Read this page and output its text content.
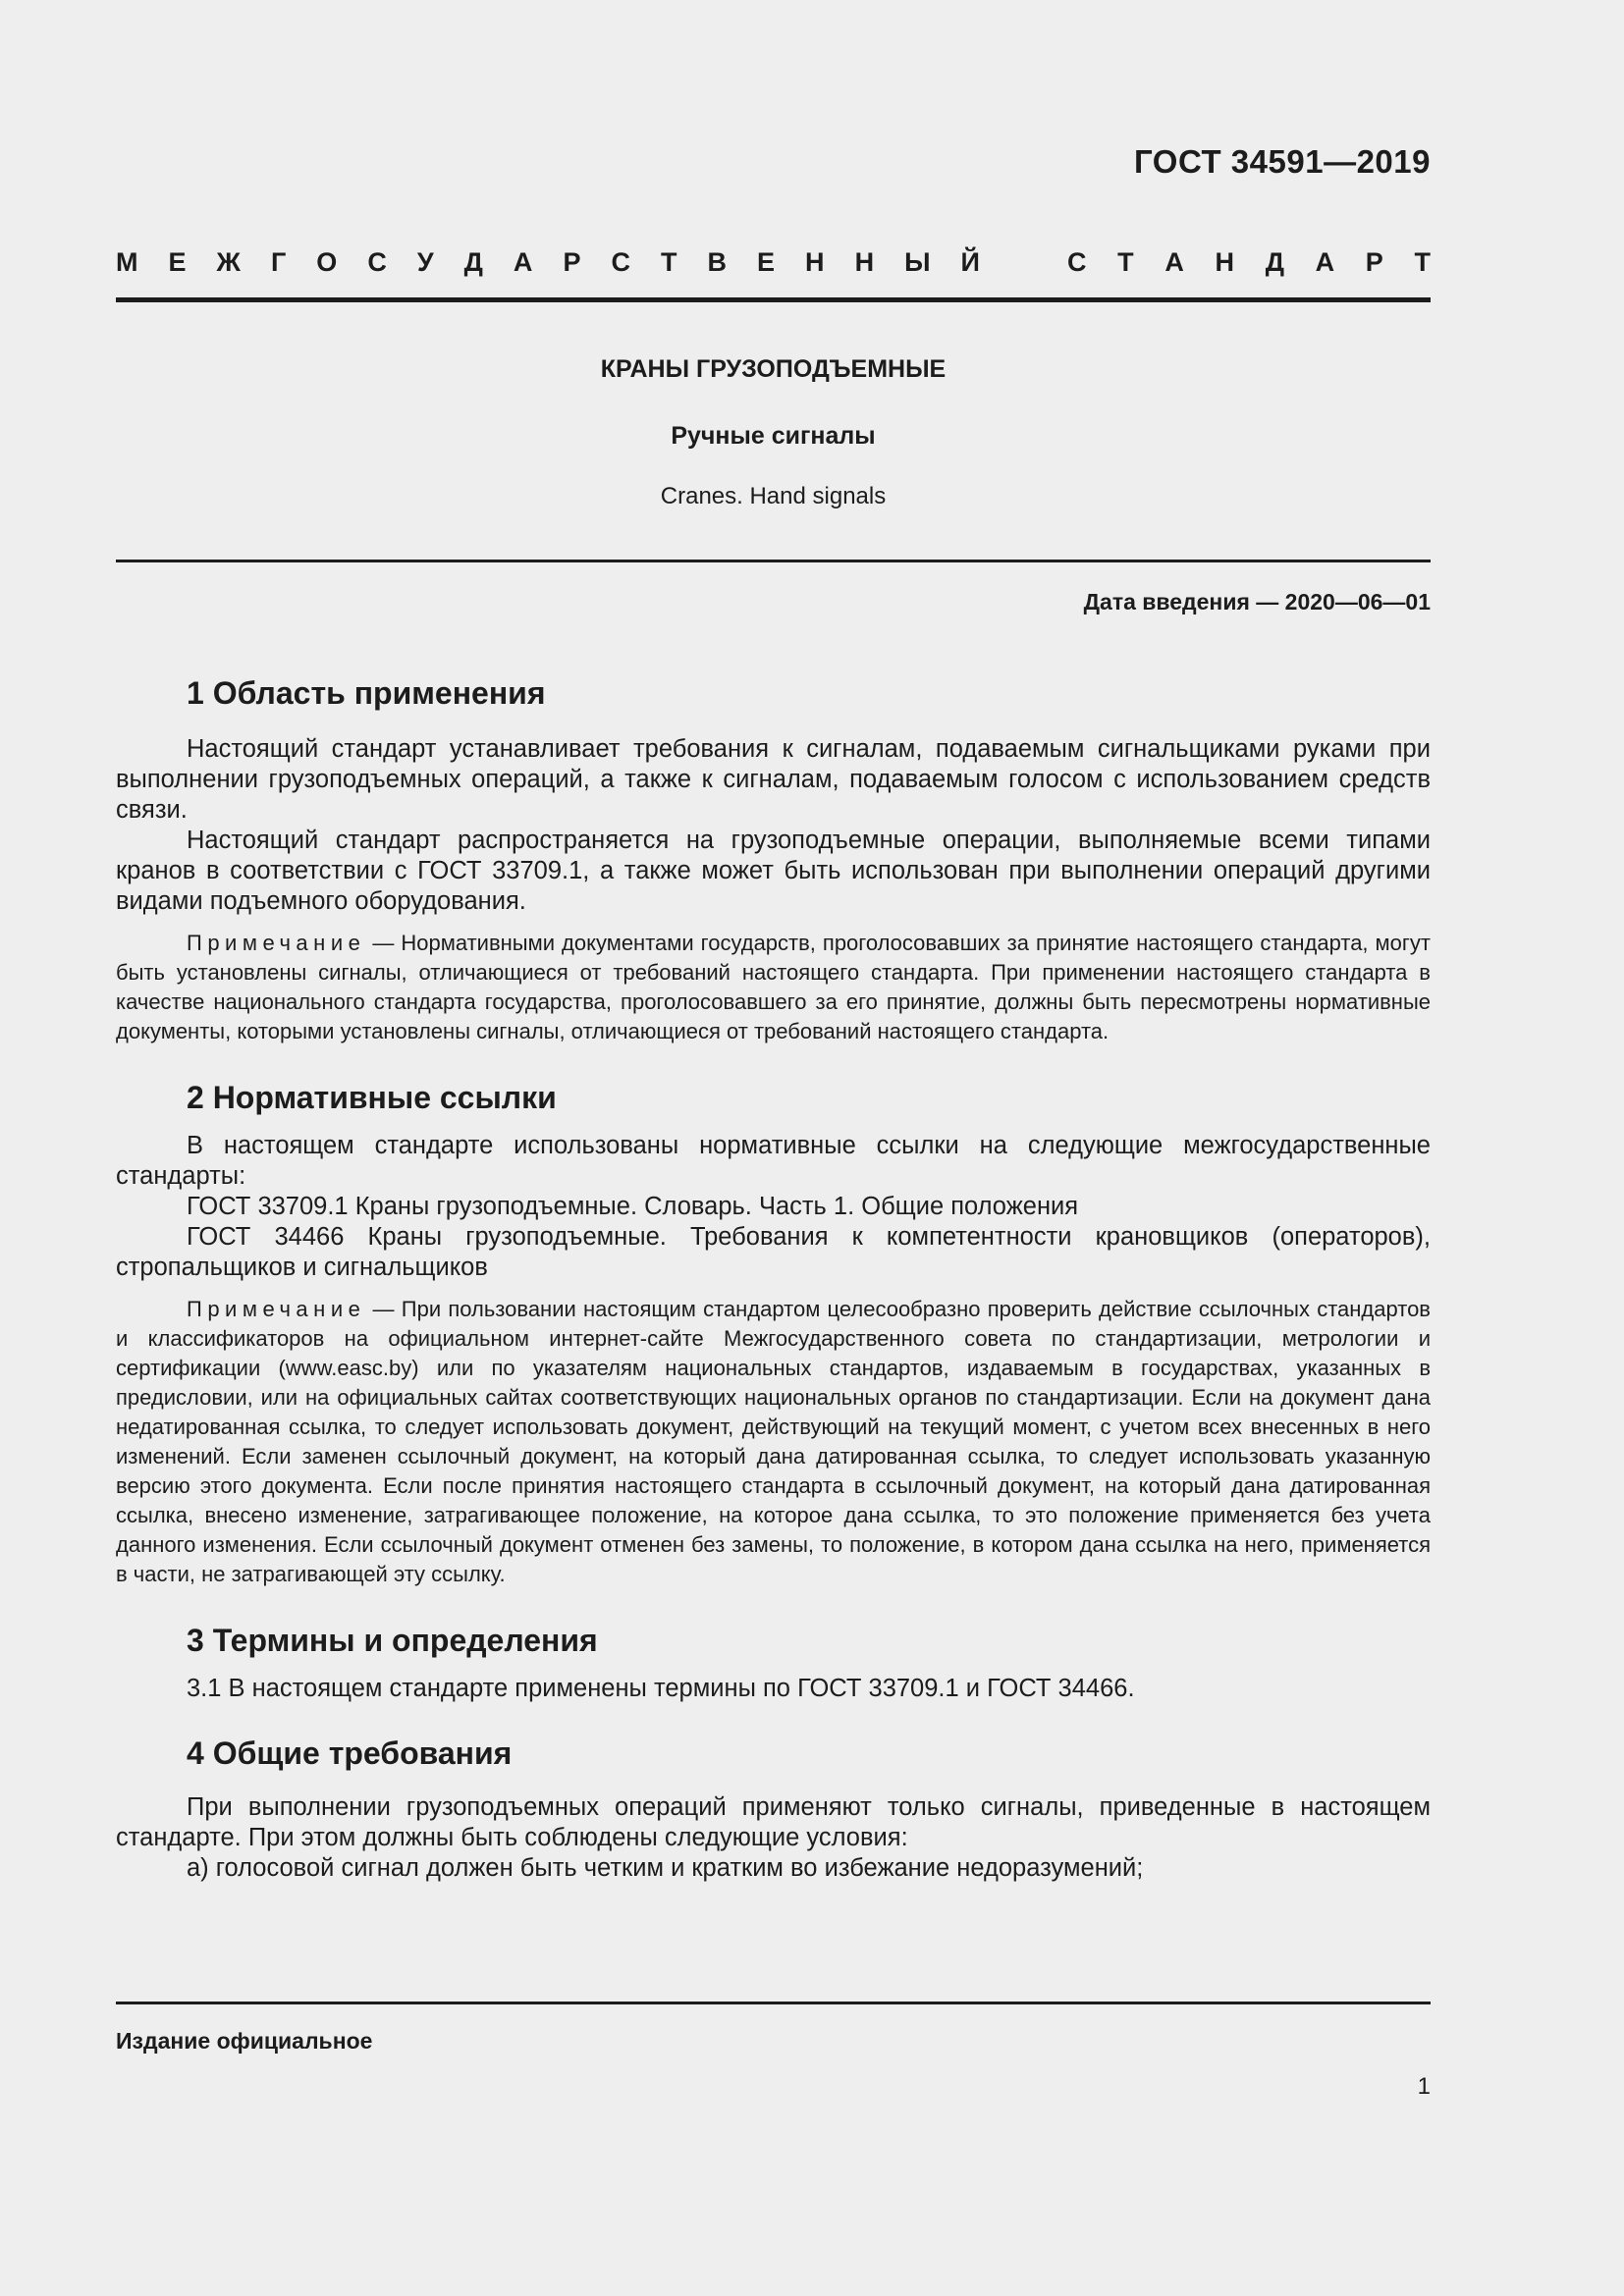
ГОСТ 34591—2019
М Е Ж Г О С У Д А Р С Т В Е Н Н Ы Й	С Т А Н Д А Р Т
КРАНЫ ГРУЗОПОДЪЕМНЫЕ
Ручные сигналы
Cranes. Hand signals
Дата введения — 2020—06—01
1 Область применения

Настоящий стандарт устанавливает требования к сигналам, подаваемым сигнальщиками руками при выполнении грузоподъемных операций, а также к сигналам, подаваемым голосом с использованием средств связи.

Настоящий стандарт распространяется на грузоподъемные операции, выполняемые всеми типами кранов в соответствии с ГОСТ 33709.1, а также может быть использован при выполнении операций другими видами подъемного оборудования.

Примечание — Нормативными документами государств, проголосовавших за принятие настоящего стандарта, могут быть установлены сигналы, отличающиеся от требований настоящего стандарта. При применении настоящего стандарта в качестве национального стандарта государства, проголосовавшего за его принятие, должны быть пересмотрены нормативные документы, которыми установлены сигналы, отличающиеся от требований настоящего стандарта.

2 Нормативные ссылки

В настоящем стандарте использованы нормативные ссылки на следующие межгосударственные стандарты:

ГОСТ 33709.1 Краны грузоподъемные. Словарь. Часть 1. Общие положения

ГОСТ 34466 Краны грузоподъемные. Требования к компетентности крановщиков (операторов), стропальщиков и сигнальщиков

Примечание — При пользовании настоящим стандартом целесообразно проверить действие ссылочных стандартов и классификаторов на официальном интернет-сайте Межгосударственного совета по стандартизации, метрологии и сертификации (www.easc.by) или по указателям национальных стандартов, издаваемым в государствах, указанных в предисловии, или на официальных сайтах соответствующих национальных органов по стандартизации. Если на документ дана недатированная ссылка, то следует использовать документ, действующий на текущий момент, с учетом всех внесенных в него изменений. Если заменен ссылочный документ, на который дана датированная ссылка, то следует использовать указанную версию этого документа. Если после принятия настоящего стандарта в ссылочный документ, на который дана датированная ссылка, внесено изменение, затрагивающее положение, на которое дана ссылка, то это положение применяется без учета данного изменения. Если ссылочный документ отменен без замены, то положение, в котором дана ссылка на него, применяется в части, не затрагивающей эту ссылку.

3 Термины и определения

3.1 В настоящем стандарте применены термины по ГОСТ 33709.1 и ГОСТ 34466.

4 Общие требования

При выполнении грузоподъемных операций применяют только сигналы, приведенные в настоящем стандарте. При этом должны быть соблюдены следующие условия:

а) голосовой сигнал должен быть четким и кратким во избежание недоразумений;

Издание официальное
1
